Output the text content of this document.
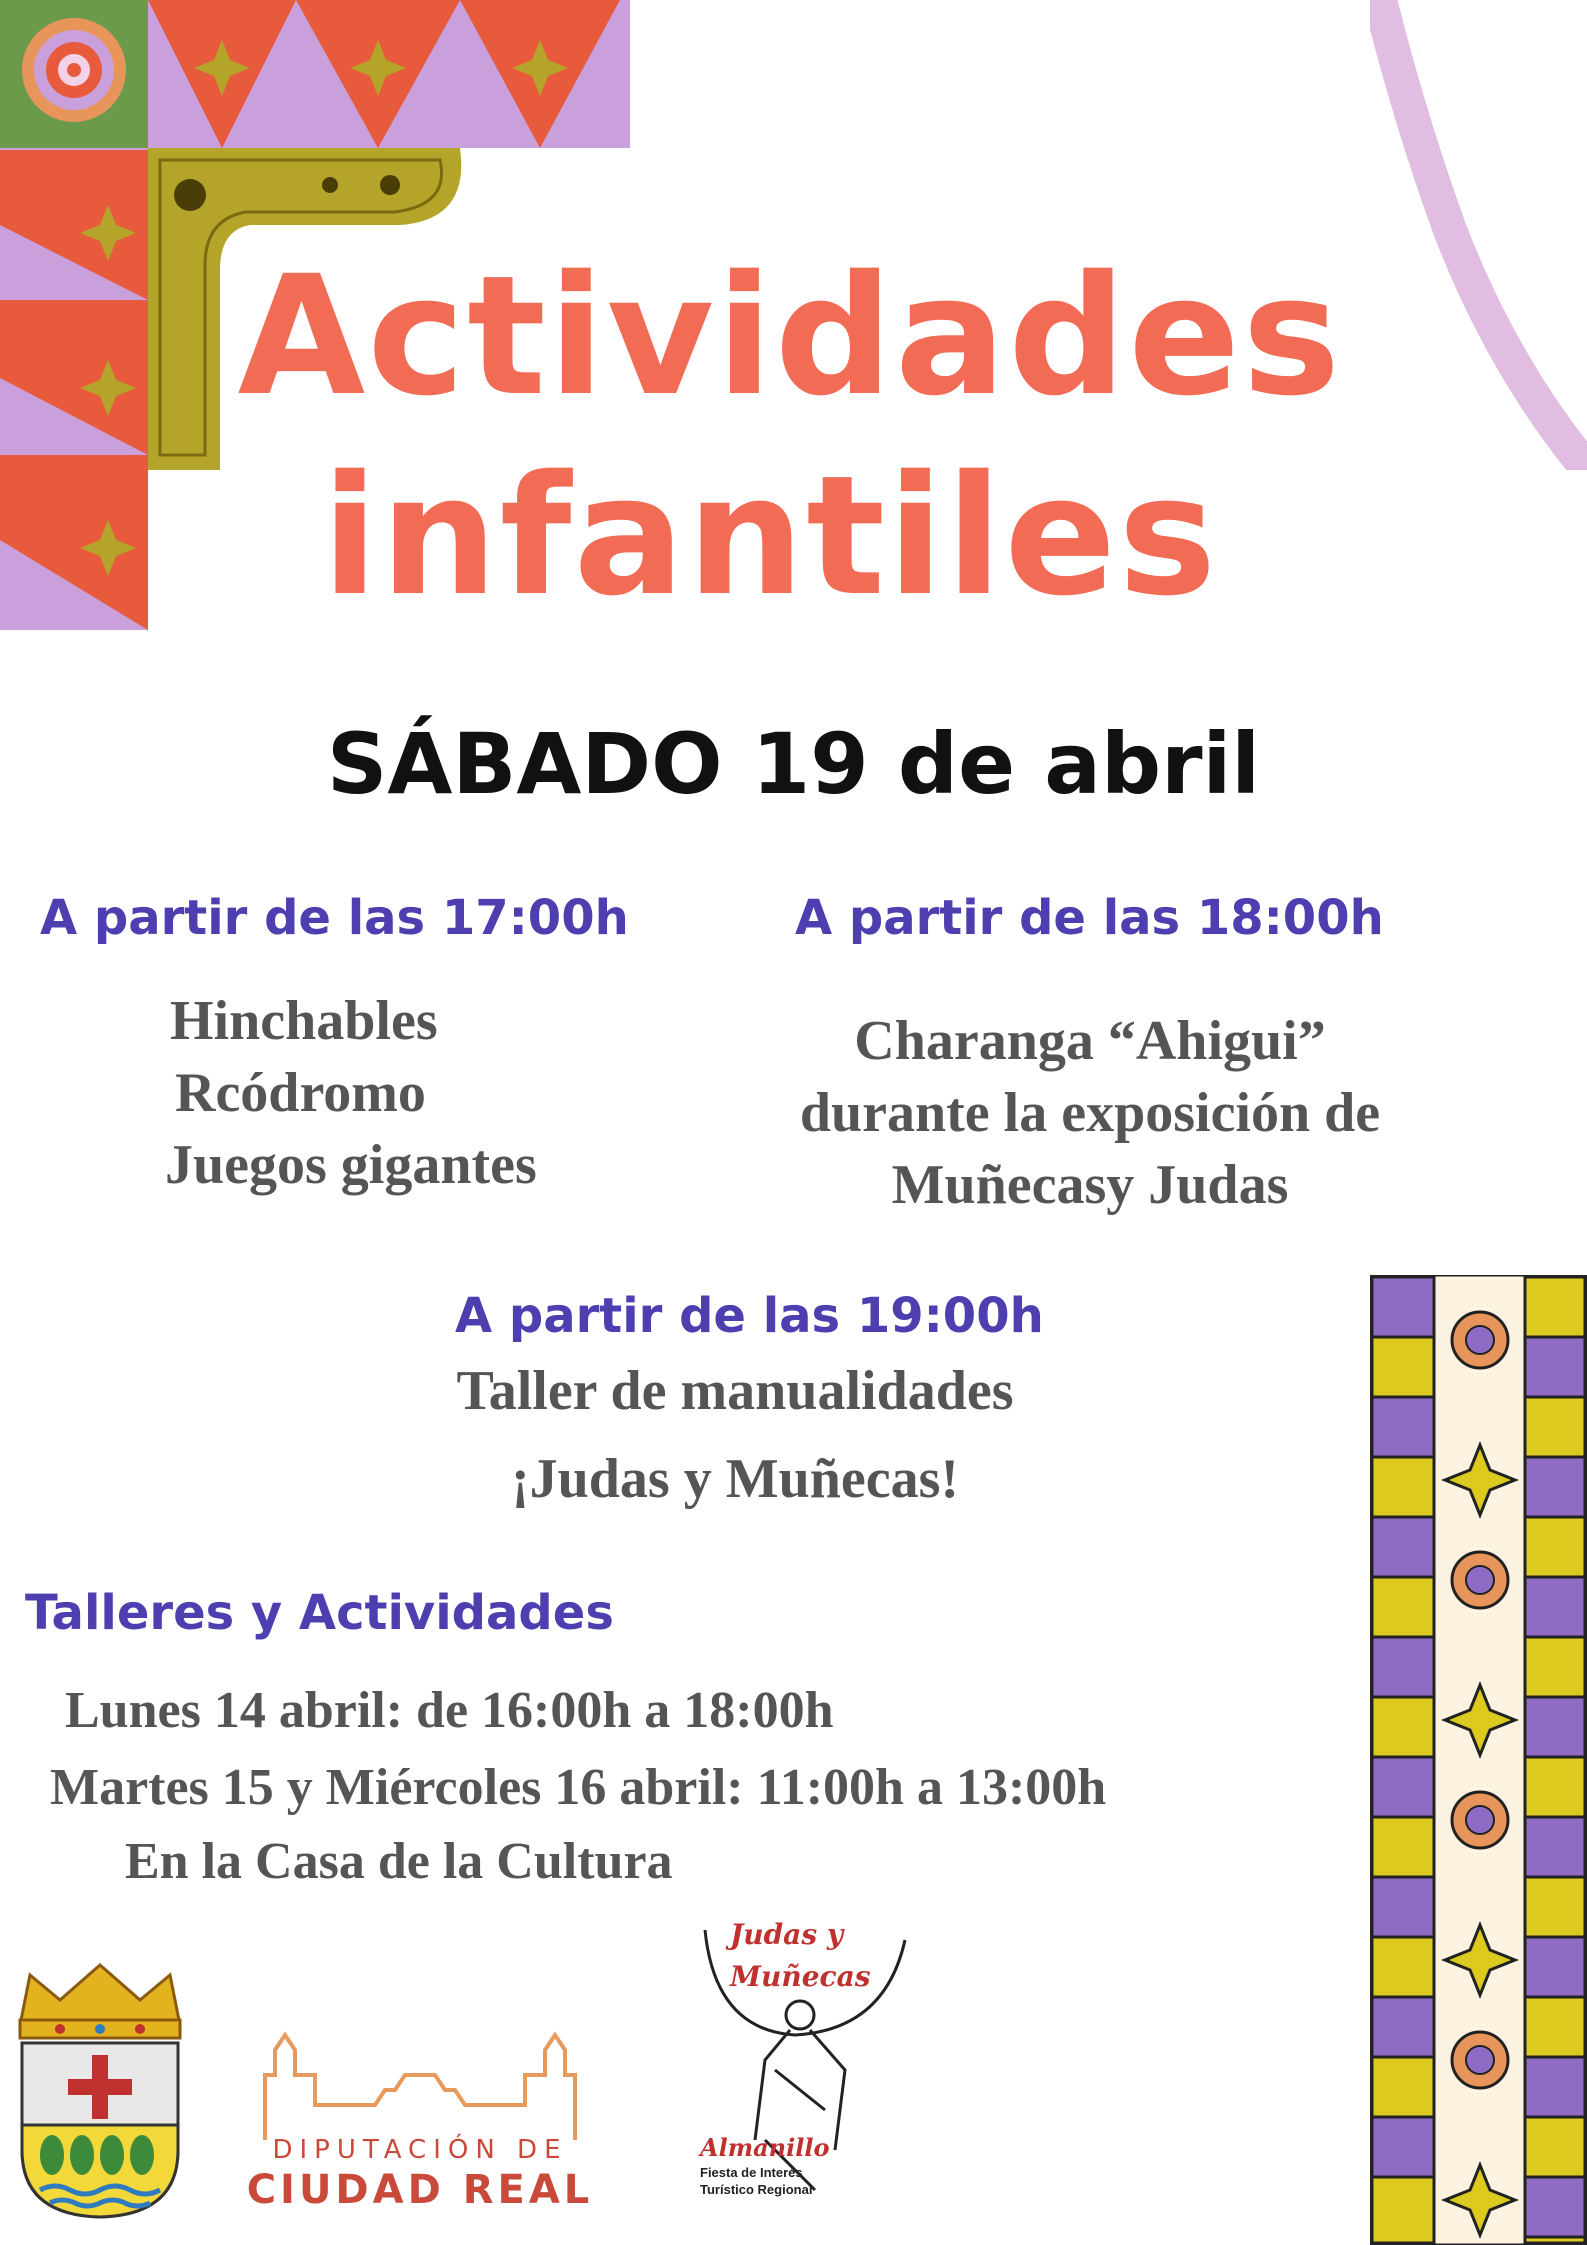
Actividades
infantiles
SÁBADO 19 de abril
A partir de las 17:00h
Hinchables
Rcódromo
Juegos gigantes
A partir de las 18:00h
Charanga “Ahigui”
durante la exposición de
Muñecasy Judas
A partir de las 19:00h
Taller de manualidades
¡Judas y Muñecas!
Talleres y Actividades
Lunes 14 abril: de 16:00h a 18:00h
Martes 15 y Miércoles 16 abril: 11:00h a 13:00h
En la Casa de la Cultura
DIPUTACIÓN DE
CIUDAD REAL
Judas y
Muñecas
Almanillo
Fiesta de Interés
Turístico Regional
